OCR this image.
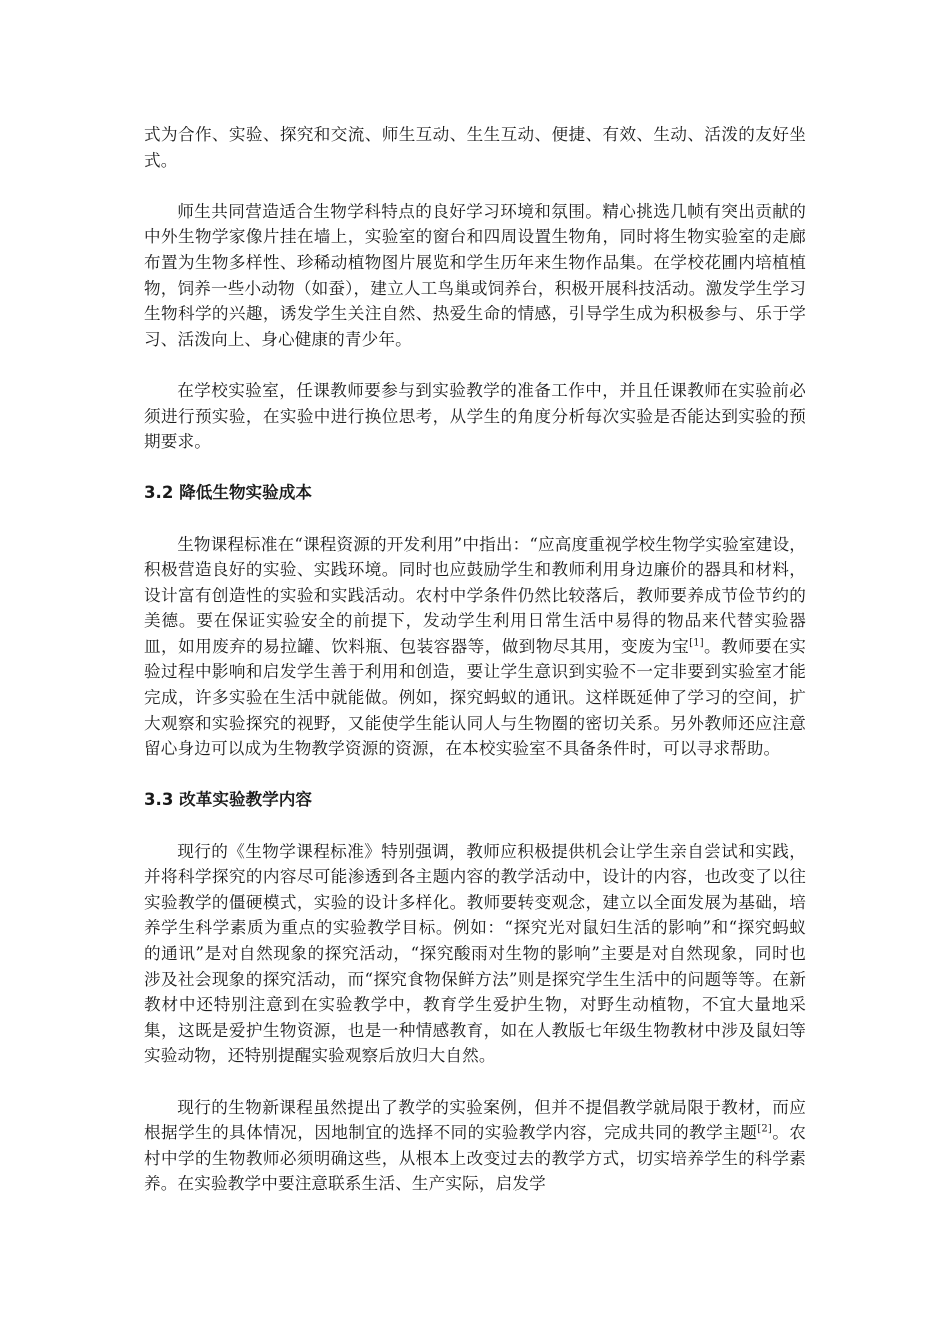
式为合作、实验、探究和交流、师生互动、生生互动、便捷、有效、生动、活泼的友好坐式。

师生共同营造适合生物学科特点的良好学习环境和氛围。精心挑选几帧有突出贡献的中外生物学家像片挂在墙上，实验室的窗台和四周设置生物角，同时将生物实验室的走廊布置为生物多样性、珍稀动植物图片展览和学生历年来生物作品集。在学校花圃内培植植物，饲养一些小动物（如蚕），建立人工鸟巢或饲养台，积极开展科技活动。激发学生学习生物科学的兴趣，诱发学生关注自然、热爱生命的情感，引导学生成为积极参与、乐于学习、活泼向上、身心健康的青少年。

在学校实验室，任课教师要参与到实验教学的准备工作中，并且任课教师在实验前必须进行预实验，在实验中进行换位思考，从学生的角度分析每次实验是否能达到实验的预期要求。

3.2 降低生物实验成本

生物课程标准在“课程资源的开发利用”中指出：“应高度重视学校生物学实验室建设，积极营造良好的实验、实践环境。同时也应鼓励学生和教师利用身边廉价的器具和材料，设计富有创造性的实验和实践活动。农村中学条件仍然比较落后，教师要养成节俭节约的美德。要在保证实验安全的前提下，发动学生利用日常生活中易得的物品来代替实验器皿，如用废弃的易拉罐、饮料瓶、包装容器等，做到物尽其用，变废为宝[1]。教师要在实验过程中影响和启发学生善于利用和创造，要让学生意识到实验不一定非要到实验室才能完成，许多实验在生活中就能做。例如，探究蚂蚁的通讯。这样既延伸了学习的空间，扩大观察和实验探究的视野，又能使学生能认同人与生物圈的密切关系。另外教师还应注意留心身边可以成为生物教学资源的资源，在本校实验室不具备条件时，可以寻求帮助。

3.3 改革实验教学内容

现行的《生物学课程标准》特别强调，教师应积极提供机会让学生亲自尝试和实践，并将科学探究的内容尽可能渗透到各主题内容的教学活动中，设计的内容，也改变了以往实验教学的僵硬模式，实验的设计多样化。教师要转变观念，建立以全面发展为基础，培养学生科学素质为重点的实验教学目标。例如：“探究光对鼠妇生活的影响”和“探究蚂蚁的通讯”是对自然现象的探究活动，“探究酸雨对生物的影响”主要是对自然现象，同时也涉及社会现象的探究活动，而“探究食物保鲜方法”则是探究学生生活中的问题等等。在新教材中还特别注意到在实验教学中，教育学生爱护生物，对野生动植物，不宜大量地采集，这既是爱护生物资源，也是一种情感教育，如在人教版七年级生物教材中涉及鼠妇等实验动物，还特别提醒实验观察后放归大自然。

现行的生物新课程虽然提出了教学的实验案例，但并不提倡教学就局限于教材，而应根据学生的具体情况，因地制宜的选择不同的实验教学内容，完成共同的教学主题[2]。农村中学的生物教师必须明确这些，从根本上改变过去的教学方式，切实培养学生的科学素养。在实验教学中要注意联系生活、生产实际，启发学
